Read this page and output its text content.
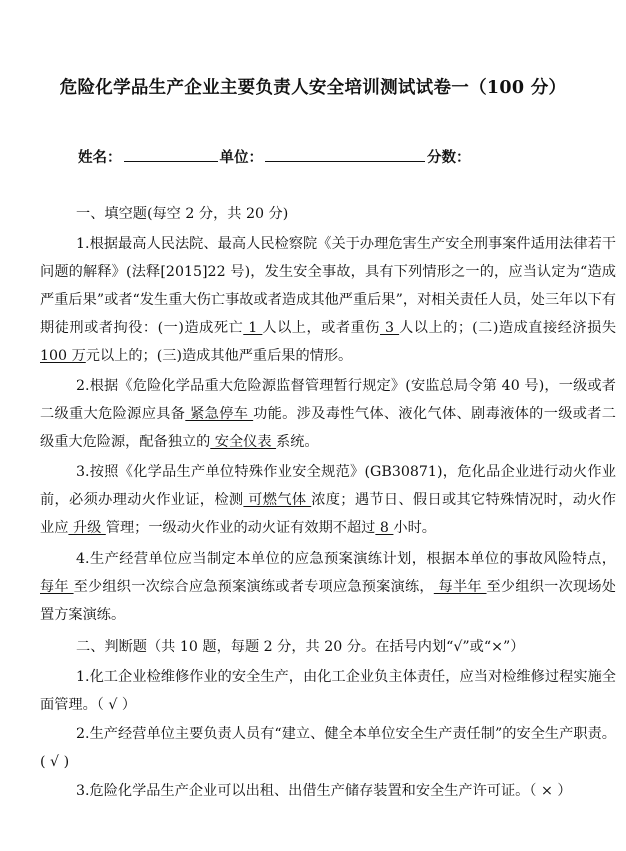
危险化学品生产企业主要负责人安全培训测试试卷一（100 分）
姓名：	单位：	分数：
一、填空题(每空 2 分，共 20 分)
1.根据最高人民法院、最高人民检察院《关于办理危害生产安全刑事案件适用法律若干问题的解释》(法释[2015]22 号)，发生安全事故，具有下列情形之一的，应当认定为“造成严重后果”或者“发生重大伤亡事故或者造成其他严重后果”，对相关责任人员，处三年以下有期徒刑或者拘役：(一)造成死亡 1 人以上，或者重伤 3 人以上的；(二)造成直接经济损失100 万元以上的；(三)造成其他严重后果的情形。
2.根据《危险化学品重大危险源监督管理暂行规定》(安监总局令第 40 号)，一级或者二级重大危险源应具备 紧急停车 功能。涉及毒性气体、液化气体、剧毒液体的一级或者二级重大危险源，配备独立的 安全仪表 系统。
3.按照《化学品生产单位特殊作业安全规范》(GB30871)，危化品企业进行动火作业前，必须办理动火作业证，检测 可燃气体 浓度；遇节日、假日或其它特殊情况时，动火作业应 升级 管理；一级动火作业的动火证有效期不超过 8 小时。
4.生产经营单位应当制定本单位的应急预案演练计划，根据本单位的事故风险特点， 每年 至少组织一次综合应急预案演练或者专项应急预案演练， 每半年 至少组织一次现场处置方案演练。
二、判断题（共 10 题，每题 2 分，共 20 分。在括号内划“√”或“×”）
1.化工企业检维修作业的安全生产，由化工企业负主体责任，应当对检维修过程实施全面管理。（ √ ）
2.生产经营单位主要负责人员有“建立、健全本单位安全生产责任制”的安全生产职责。( √ )
3.危险化学品生产企业可以出租、出借生产储存装置和安全生产许可证。（ × ）
